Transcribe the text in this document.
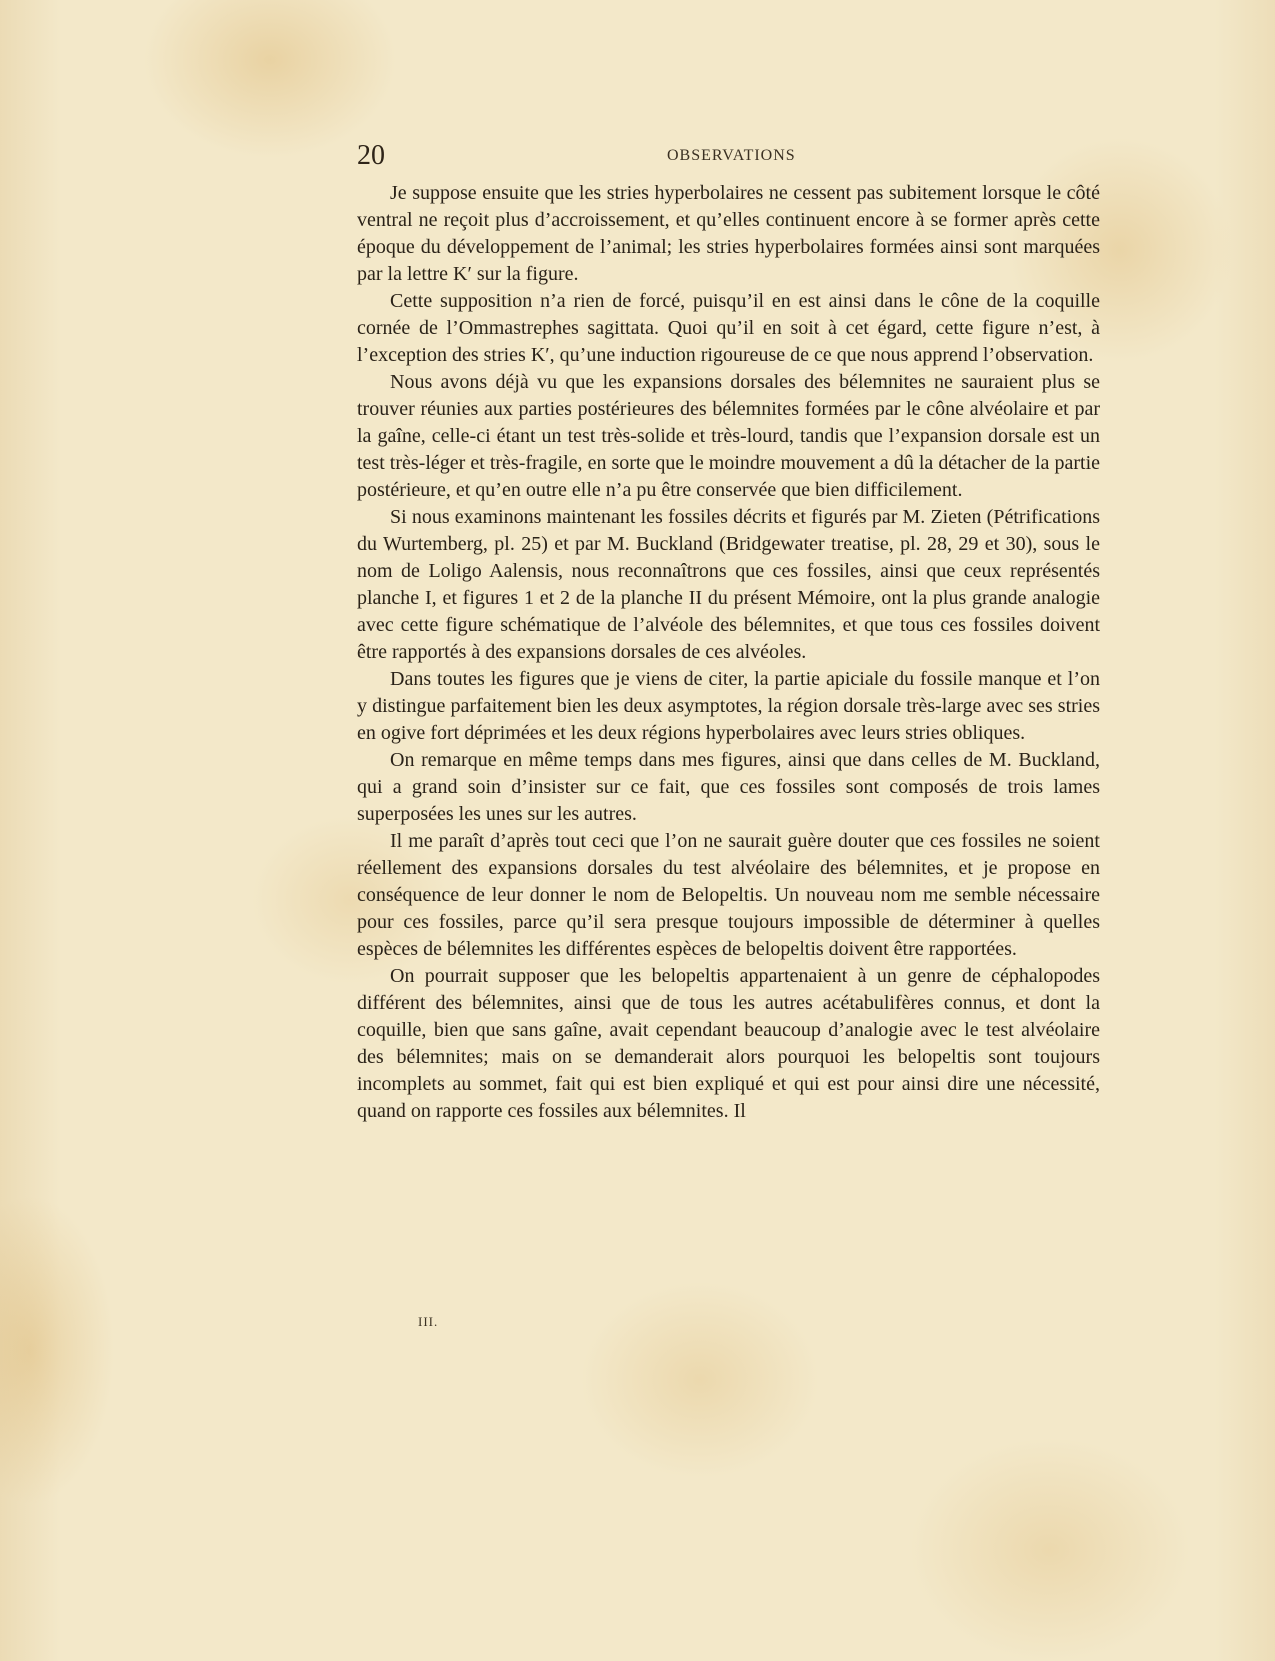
20	OBSERVATIONS

Je suppose ensuite que les stries hyperbolaires ne cessent pas subitement lorsque le côté ventral ne reçoit plus d’accroissement, et qu’elles continuent encore à se former après cette époque du développement de l’animal; les stries hyperbolaires formées ainsi sont marquées par la lettre K′ sur la figure.

Cette supposition n’a rien de forcé, puisqu’il en est ainsi dans le cône de la coquille cornée de l’Ommastrephes sagittata. Quoi qu’il en soit à cet égard, cette figure n’est, à l’exception des stries K′, qu’une induction rigoureuse de ce que nous apprend l’observation.

Nous avons déjà vu que les expansions dorsales des bélemnites ne sauraient plus se trouver réunies aux parties postérieures des bélemnites formées par le cône alvéolaire et par la gaîne, celle-ci étant un test très-solide et très-lourd, tandis que l’expansion dorsale est un test très-léger et très-fragile, en sorte que le moindre mouvement a dû la détacher de la partie postérieure, et qu’en outre elle n’a pu être conservée que bien difficilement.

Si nous examinons maintenant les fossiles décrits et figurés par M. Zieten (Pétrifications du Wurtemberg, pl. 25) et par M. Buckland (Bridgewater treatise, pl. 28, 29 et 30), sous le nom de Loligo Aalensis, nous reconnaîtrons que ces fossiles, ainsi que ceux représentés planche I, et figures 1 et 2 de la planche II du présent Mémoire, ont la plus grande analogie avec cette figure schématique de l’alvéole des bélemnites, et que tous ces fossiles doivent être rapportés à des expansions dorsales de ces alvéoles.

Dans toutes les figures que je viens de citer, la partie apiciale du fossile manque et l’on y distingue parfaitement bien les deux asymptotes, la région dorsale très-large avec ses stries en ogive fort déprimées et les deux régions hyperbolaires avec leurs stries obliques.

On remarque en même temps dans mes figures, ainsi que dans celles de M. Buckland, qui a grand soin d’insister sur ce fait, que ces fossiles sont composés de trois lames superposées les unes sur les autres.

Il me paraît d’après tout ceci que l’on ne saurait guère douter que ces fossiles ne soient réellement des expansions dorsales du test alvéolaire des bélemnites, et je propose en conséquence de leur donner le nom de Belopeltis. Un nouveau nom me semble nécessaire pour ces fossiles, parce qu’il sera presque toujours impossible de déterminer à quelles espèces de bélemnites les différentes espèces de belopeltis doivent être rapportées.

On pourrait supposer que les belopeltis appartenaient à un genre de céphalopodes différent des bélemnites, ainsi que de tous les autres acétabulifères connus, et dont la coquille, bien que sans gaîne, avait cependant beaucoup d’analogie avec le test alvéolaire des bélemnites; mais on se demanderait alors pourquoi les belopeltis sont toujours incomplets au sommet, fait qui est bien expliqué et qui est pour ainsi dire une nécessité, quand on rapporte ces fossiles aux bélemnites. Il

III.
